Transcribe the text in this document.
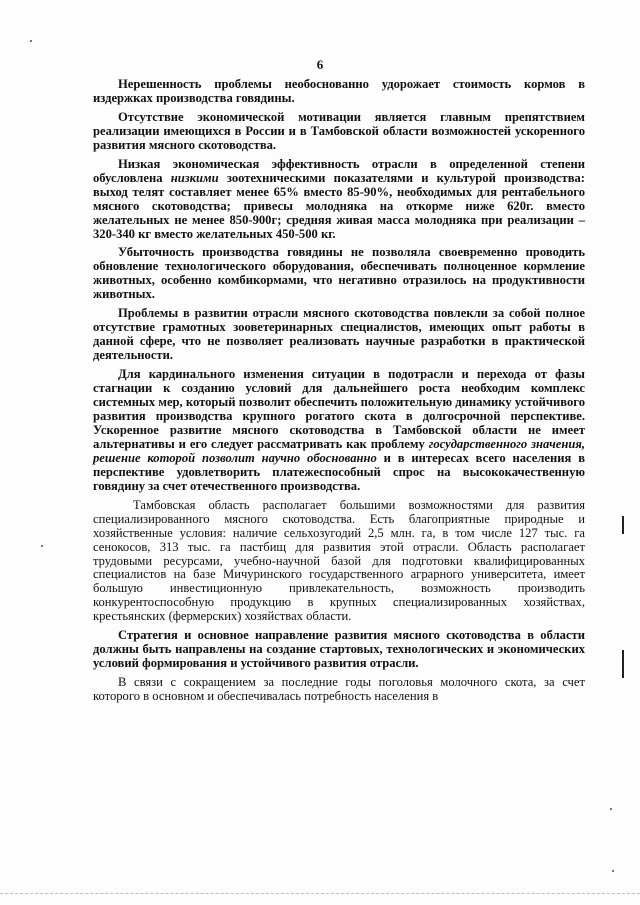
6

Нерешенность проблемы необоснованно удорожает стоимость кормов в издержках производства говядины.

Отсутствие экономической мотивации является главным препятствием реализации имеющихся в России и в Тамбовской области возможностей ускоренного развития мясного скотоводства.

Низкая экономическая эффективность отрасли в определенной степени обусловлена низкими зоотехническими показателями и культурой производства: выход телят составляет менее 65% вместо 85-90%, необходимых для рентабельного мясного скотоводства; привесы молодняка на откорме ниже 620г. вместо желательных не менее 850-900г; средняя живая масса молодняка при реализации – 320-340 кг вместо желательных 450-500 кг.

Убыточность производства говядины не позволяла своевременно проводить обновление технологического оборудования, обеспечивать полноценное кормление животных, особенно комбикормами, что негативно отразилось на продуктивности животных.

Проблемы в развитии отрасли мясного скотоводства повлекли за собой полное отсутствие грамотных зооветеринарных специалистов, имеющих опыт работы в данной сфере, что не позволяет реализовать научные разработки в практической деятельности.

Для кардинального изменения ситуации в подотрасли и перехода от фазы стагнации к созданию условий для дальнейшего роста необходим комплекс системных мер, который позволит обеспечить положительную динамику устойчивого развития производства крупного рогатого скота в долгосрочной перспективе. Ускоренное развитие мясного скотоводства в Тамбовской области не имеет альтернативы и его следует рассматривать как проблему государственного значения, решение которой позволит научно обоснованно и в интересах всего населения в перспективе удовлетворить платежеспособный спрос на высококачественную говядину за счет отечественного производства.

Тамбовская область располагает большими возможностями для развития специализированного мясного скотоводства. Есть благоприятные природные и хозяйственные условия: наличие сельхозугодий 2,5 млн. га, в том числе 127 тыс. га сенокосов, 313 тыс. га пастбищ для развития этой отрасли. Область располагает трудовыми ресурсами, учебно-научной базой для подготовки квалифицированных специалистов на базе Мичуринского государственного аграрного университета, имеет большую инвестиционную привлекательность, возможность производить конкурентоспособную продукцию в крупных специализированных хозяйствах, крестьянских (фермерских) хозяйствах области.

Стратегия и основное направление развития мясного скотоводства в области должны быть направлены на создание стартовых, технологических и экономических условий формирования и устойчивого развития отрасли.

В связи с сокращением за последние годы поголовья молочного скота, за счет которого в основном и обеспечивалась потребность населения в
